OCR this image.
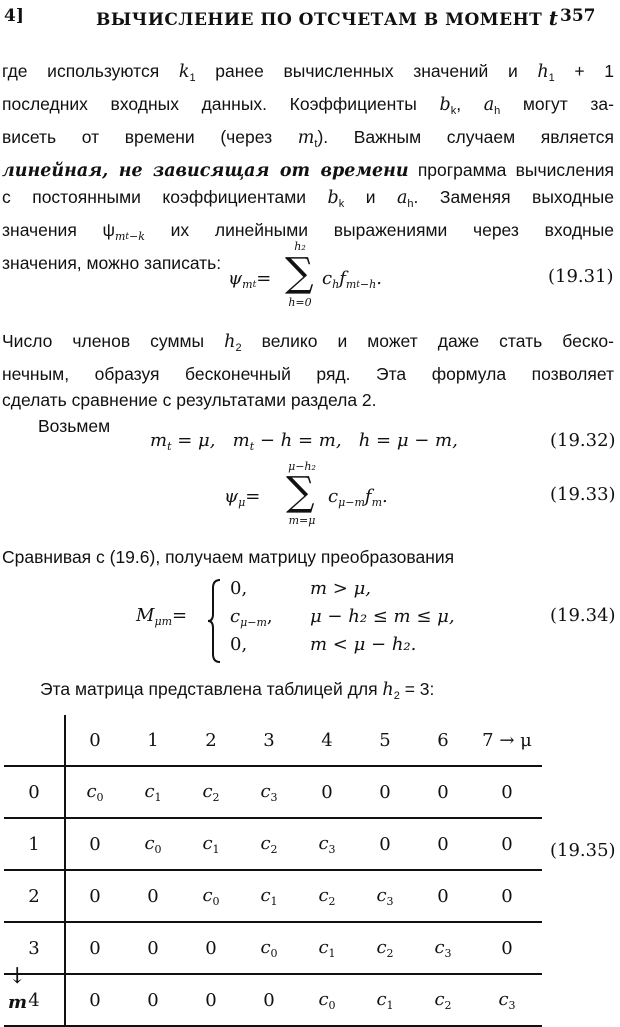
4]	ВЫЧИСЛЕНИЕ ПО ОТСЧЕТАМ В МОМЕНТ t 357
где используются $k_1$ ранее вычисленных значений и $h_1 + 1$
последних входных данных. Коэффициенты $b_k$, $a_h$ могут за-
висеть от времени (через $m_t$). Важным случаем является
линейная, не зависящая от времени программа вычисления
с постоянными коэффициентами $b_k$ и $a_h$. Заменяя выходные
значения $\psi_mt_{-k}$ их линейными выражениями через входные
значения, можно записать:
$\psi_mt=$
h₂
∑
h=0
$c_hf_mt_{-h}$.	(19.31)
Число членов суммы $h_2$ велико и может даже стать беско-
нечным, образуя бесконечный ряд. Эта формула позволяет
сделать сравнение с результатами раздела 2.
Возьмем
$m_t = \mu$,   $m_t - h = m$,   h = μ − m,	(19.32)
$\psi_\mu=$
μ−h₂
∑
m=μ
$c_{\mu-m}f_m$.	(19.33)
Сравнивая с (19.6), получаем матрицу преобразования
$M_{\mu m}=$
0,	m > μ,
$c_{\mu-m}$, μ − h₂ ≤ m ≤ μ,
0,	m < μ − h₂.
(19.34)
Эта матрица представлена таблицей для $h_2 = 3$:
	0	1	2	3	4	5	6	7 → μ
0	$c_0$	$c_1$	$c_2$	$c_3$	0	0	0	0
1	0	$c_0$	$c_1$	$c_2$	$c_3$	0	0	0
2	0	0	$c_0$	$c_1$	$c_2$	$c_3$	0	0
3	0	0	0	$c_0$	$c_1$	$c_2$	$c_3$	0
4	0	0	0	0	$c_0$	$c_1$	$c_2$	$c_3$
(19.35)
↓
m
